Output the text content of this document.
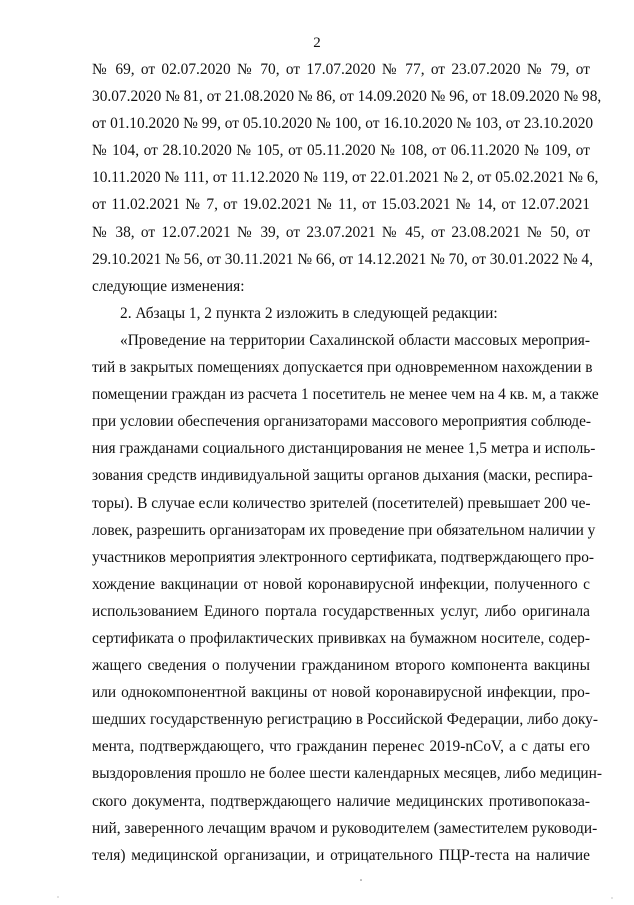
2
№ 69, от 02.07.2020 № 70, от 17.07.2020 № 77, от 23.07.2020 № 79, от
30.07.2020 № 81, от 21.08.2020 № 86, от 14.09.2020 № 96, от 18.09.2020 № 98,
от 01.10.2020 № 99, от 05.10.2020 № 100, от 16.10.2020 № 103, от 23.10.2020
№ 104, от 28.10.2020 № 105, от 05.11.2020 № 108, от 06.11.2020 № 109, от
10.11.2020 № 111, от 11.12.2020 № 119, от 22.01.2021 № 2, от 05.02.2021 № 6,
от 11.02.2021 № 7, от 19.02.2021 № 11, от 15.03.2021 № 14, от 12.07.2021
№ 38, от 12.07.2021 № 39, от 23.07.2021 № 45, от 23.08.2021 № 50, от
29.10.2021 № 56, от 30.11.2021 № 66, от 14.12.2021 № 70, от 30.01.2022 № 4,
следующие изменения:
2. Абзацы 1, 2 пункта 2 изложить в следующей редакции:
«Проведение на территории Сахалинской области массовых мероприя-
тий в закрытых помещениях допускается при одновременном нахождении в
помещении граждан из расчета 1 посетитель не менее чем на 4 кв. м, а также
при условии обеспечения организаторами массового мероприятия соблюде-
ния гражданами социального дистанцирования не менее 1,5 метра и исполь-
зования средств индивидуальной защиты органов дыхания (маски, респира-
торы). В случае если количество зрителей (посетителей) превышает 200 че-
ловек, разрешить организаторам их проведение при обязательном наличии у
участников мероприятия электронного сертификата, подтверждающего про-
хождение вакцинации от новой коронавирусной инфекции, полученного с
использованием Единого портала государственных услуг, либо оригинала
сертификата о профилактических прививках на бумажном носителе, содер-
жащего сведения о получении гражданином второго компонента вакцины
или однокомпонентной вакцины от новой коронавирусной инфекции, про-
шедших государственную регистрацию в Российской Федерации, либо доку-
мента, подтверждающего, что гражданин перенес 2019-nCoV, а с даты его
выздоровления прошло не более шести календарных месяцев, либо медицин-
ского документа, подтверждающего наличие медицинских противопоказа-
ний, заверенного лечащим врачом и руководителем (заместителем руководи-
теля) медицинской организации, и отрицательного ПЦР-теста на наличие
